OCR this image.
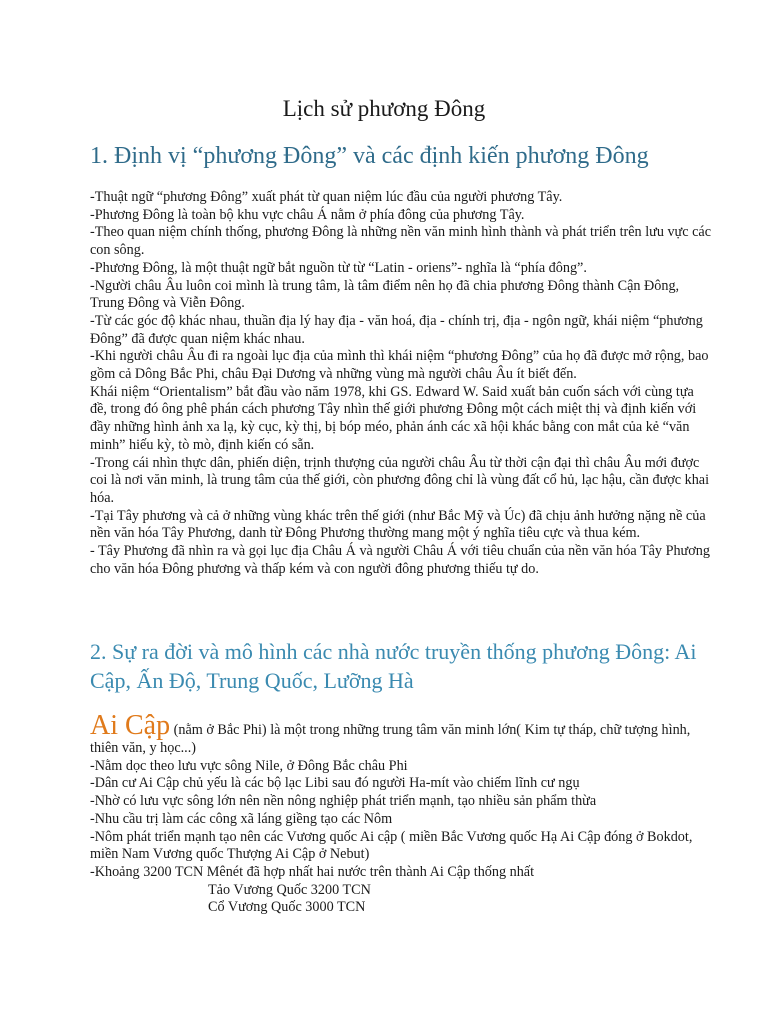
Lịch sử phương Đông
1. Định vị “phương Đông” và các định kiến phương Đông

-Thuật ngữ “phương Đông” xuất phát từ quan niệm lúc đầu của người phương Tây.

-Phương Đông là toàn bộ khu vực châu Á nằm ở phía đông của phương Tây.

-Theo quan niệm chính thống, phương Đông là những nền văn minh hình thành và phát triển trên lưu vực các con sông.

-Phương Đông, là một thuật ngữ bắt nguồn từ từ “Latin - oriens”- nghĩa là “phía đông”.

-Người châu Âu luôn coi mình là trung tâm, là tâm điểm nên họ đã chia phương Đông thành Cận Đông, Trung Đông và Viễn Đông.

-Từ các góc độ khác nhau, thuần địa lý hay địa - văn hoá, địa - chính trị, địa - ngôn ngữ, khái niệm “phương Đông” đã được quan niệm khác nhau.

-Khi người châu Âu đi ra ngoài lục địa của mình thì khái niệm “phương Đông” của họ đã được mở rộng, bao gồm cả Dông Bắc Phi, châu Đại Dương và những vùng mà người châu Âu ít biết đến.

Khái niệm “Orientalism” bắt đầu vào năm 1978, khi GS. Edward W. Said xuất bản cuốn sách với cùng tựa đề, trong đó ông phê phán cách phương Tây nhìn thế giới phương Đông một cách miệt thị và định kiến với đầy những hình ảnh xa lạ, kỳ cục, kỳ thị, bị bóp méo, phản ánh các xã hội khác bằng con mắt của kẻ “văn minh” hiếu kỳ, tò mò, định kiến có sẵn.

-Trong cái nhìn thực dân, phiến diện, trịnh thượng của người châu Âu từ thời cận đại thì châu Âu mới được coi là nơi văn minh, là trung tâm của thế giới, còn phương đông chỉ là vùng đất cổ hủ, lạc hậu, cần được khai hóa.

-Tại Tây phương và cả ở những vùng khác trên thế giới (như Bắc Mỹ và Úc) đã chịu ảnh hưởng nặng nề của nền văn hóa Tây Phương, danh từ Đông Phương thường mang một ý nghĩa tiêu cực và thua kém.

- Tây Phương đã nhìn ra và gọi lục địa Châu Á và người Châu Á với tiêu chuẩn của nền văn hóa Tây Phương cho văn hóa Đông phương và thấp kém và con người đông phương thiếu tự do.

2. Sự ra đời và mô hình các nhà nước truyền thống phương Đông: Ai Cập, Ấn Độ, Trung Quốc, Lưỡng Hà

Ai Cập (nằm ở Bắc Phi) là một trong những trung tâm văn minh lớn( Kim tự tháp, chữ tượng hình, thiên văn, y học...)

-Nằm dọc theo lưu vực sông Nile, ở Đông Bắc châu Phi

-Dân cư Ai Cập chủ yếu là các bộ lạc Libi sau đó người Ha-mít vào chiếm lĩnh cư ngụ

-Nhờ có lưu vực sông lớn nên nền nông nghiệp phát triển mạnh, tạo nhiều sản phẩm thừa

-Nhu cầu trị làm các công xã láng giềng tạo các Nôm

-Nôm phát triển mạnh tạo nên các Vương quốc Ai cập ( miền Bắc Vương quốc Hạ Ai Cập đóng ở Bokdot, miền Nam Vương quốc Thượng Ai Cập ở Nebut)

-Khoảng 3200 TCN Mênét đã hợp nhất hai nước trên thành Ai Cập thống nhất

Tảo Vương Quốc 3200 TCN

Cổ Vương Quốc 3000 TCN
